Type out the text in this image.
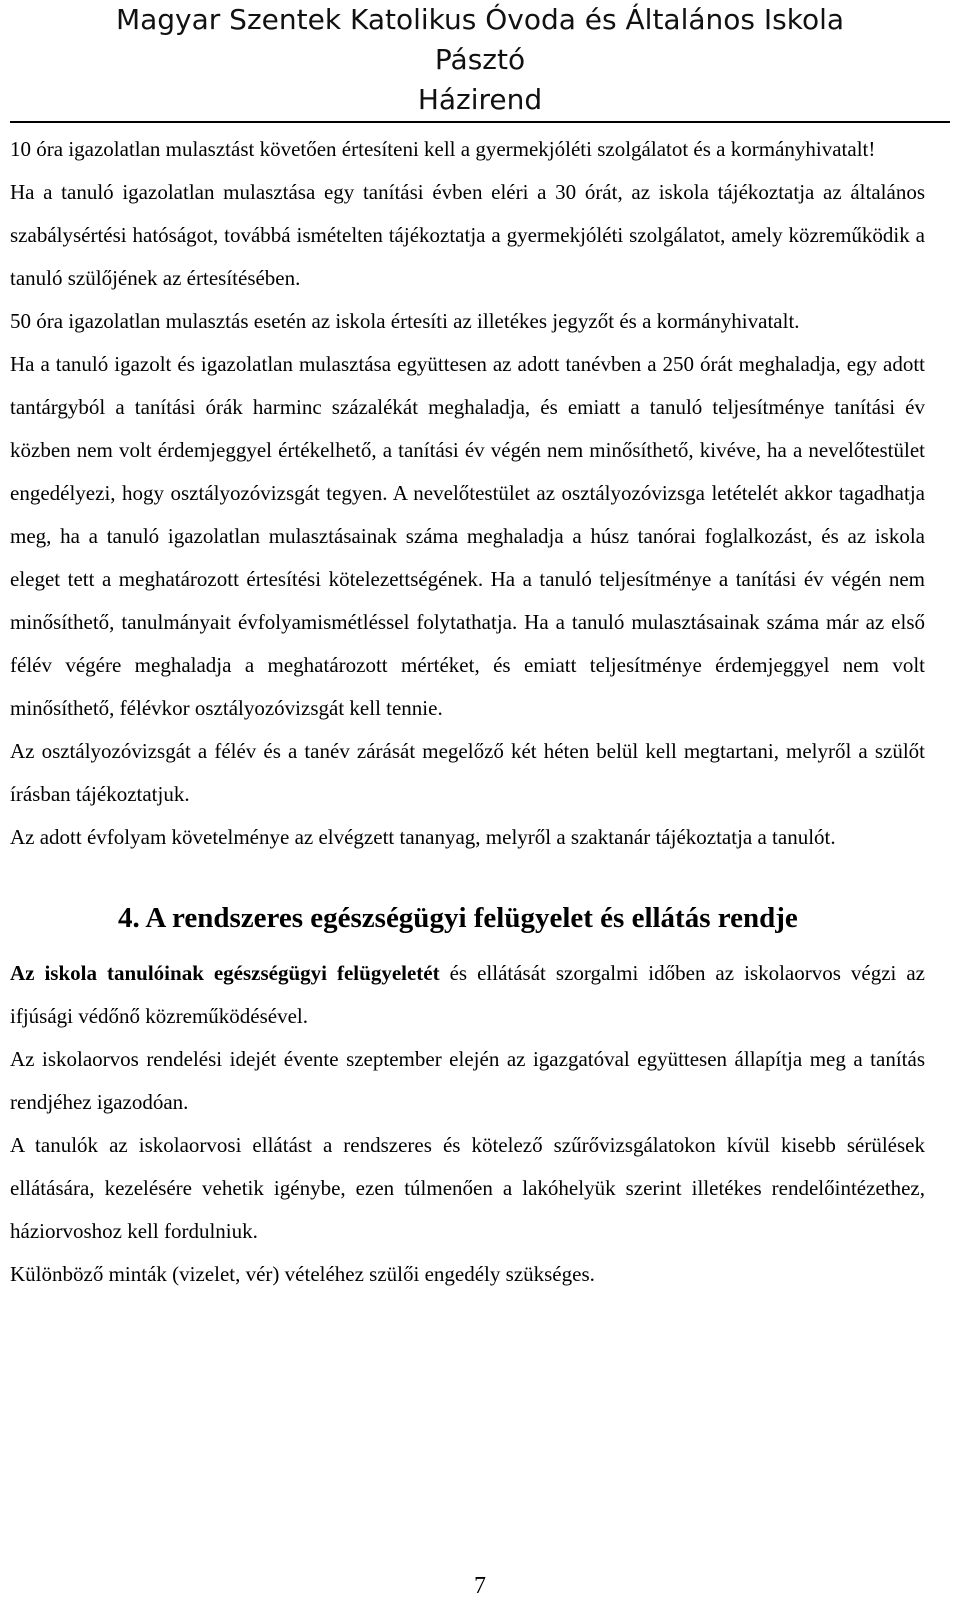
Magyar Szentek Katolikus Óvoda és Általános Iskola
Pásztó
Házirend

10 óra igazolatlan mulasztást követően értesíteni kell a gyermekjóléti szolgálatot és a kormányhivatalt!

Ha a tanuló igazolatlan mulasztása egy tanítási évben eléri a 30 órát, az iskola tájékoztatja az általános szabálysértési hatóságot, továbbá ismételten tájékoztatja a gyermekjóléti szolgálatot, amely közreműködik a tanuló szülőjének az értesítésében.

50 óra igazolatlan mulasztás esetén az iskola értesíti az illetékes jegyzőt és a kormányhivatalt.

Ha a tanuló igazolt és igazolatlan mulasztása együttesen az adott tanévben a 250 órát meghaladja, egy adott tantárgyból a tanítási órák harminc százalékát meghaladja, és emiatt a tanuló teljesítménye tanítási év közben nem volt érdemjeggyel értékelhető, a tanítási év végén nem minősíthető, kivéve, ha a nevelőtestület engedélyezi, hogy osztályozóvizsgát tegyen. A nevelőtestület az osztályozóvizsga letételét akkor tagadhatja meg, ha a tanuló igazolatlan mulasztásainak száma meghaladja a húsz tanórai foglalkozást, és az iskola eleget tett a meghatározott értesítési kötelezettségének. Ha a tanuló teljesítménye a tanítási év végén nem minősíthető, tanulmányait évfolyamismétléssel folytathatja. Ha a tanuló mulasztásainak száma már az első félév végére meghaladja a meghatározott mértéket, és emiatt teljesítménye érdemjeggyel nem volt minősíthető, félévkor osztályozóvizsgát kell tennie.

Az osztályozóvizsgát a félév és a tanév zárását megelőző két héten belül kell megtartani, melyről a szülőt írásban tájékoztatjuk.

Az adott évfolyam követelménye az elvégzett tananyag, melyről a szaktanár tájékoztatja a tanulót.

4. A rendszeres egészségügyi felügyelet és ellátás rendje

Az iskola tanulóinak egészségügyi felügyeletét és ellátását szorgalmi időben az iskolaorvos végzi az ifjúsági védőnő közreműködésével.

Az iskolaorvos rendelési idejét évente szeptember elején az igazgatóval együttesen állapítja meg a tanítás rendjéhez igazodóan.

A tanulók az iskolaorvosi ellátást a rendszeres és kötelező szűrővizsgálatokon kívül kisebb sérülések ellátására, kezelésére vehetik igénybe, ezen túlmenően a lakóhelyük szerint illetékes rendelőintézethez, háziorvoshoz kell fordulniuk.

Különböző minták (vizelet, vér) vételéhez szülői engedély szükséges.

7
